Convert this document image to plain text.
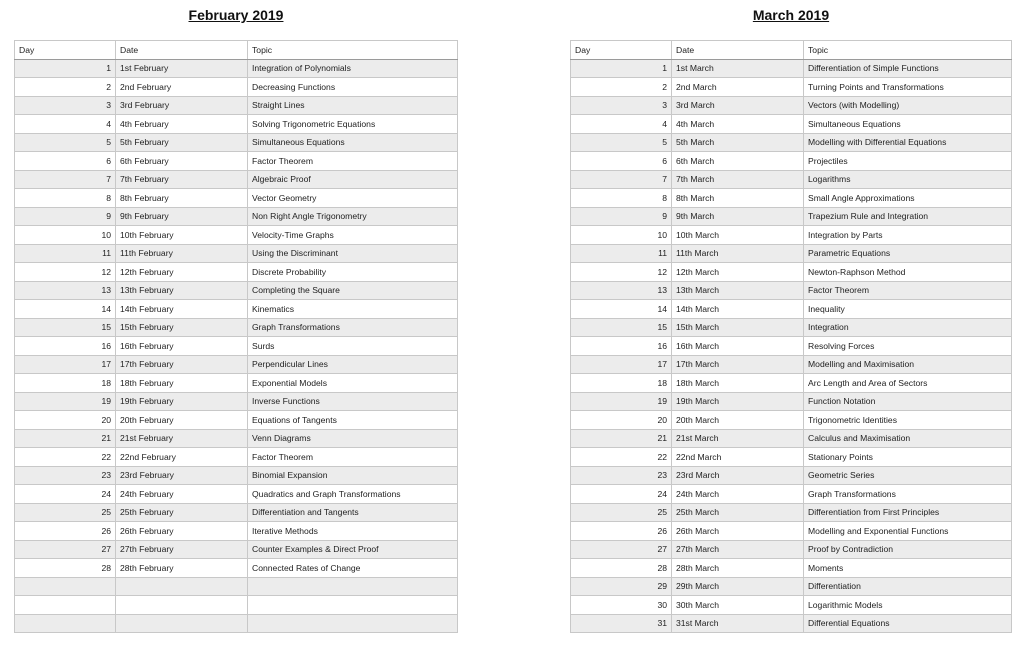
February 2019
Day	Date	Topic
1	1st February	Integration of Polynomials
2	2nd February	Decreasing Functions
3	3rd February	Straight Lines
4	4th February	Solving Trigonometric Equations
5	5th February	Simultaneous Equations
6	6th February	Factor Theorem
7	7th February	Algebraic Proof
8	8th February	Vector Geometry
9	9th February	Non Right Angle Trigonometry
10	10th February	Velocity-Time Graphs
11	11th February	Using the Discriminant
12	12th February	Discrete Probability
13	13th February	Completing the Square
14	14th February	Kinematics
15	15th February	Graph Transformations
16	16th February	Surds
17	17th February	Perpendicular Lines
18	18th February	Exponential Models
19	19th February	Inverse Functions
20	20th February	Equations of Tangents
21	21st February	Venn Diagrams
22	22nd February	Factor Theorem
23	23rd February	Binomial Expansion
24	24th February	Quadratics and Graph Transformations
25	25th February	Differentiation and Tangents
26	26th February	Iterative Methods
27	27th February	Counter Examples & Direct Proof
28	28th February	Connected Rates of Change

March 2019
Day	Date	Topic
1	1st March	Differentiation of Simple Functions
2	2nd March	Turning Points and Transformations
3	3rd March	Vectors (with Modelling)
4	4th March	Simultaneous Equations
5	5th March	Modelling with Differential Equations
6	6th March	Projectiles
7	7th March	Logarithms
8	8th March	Small Angle Approximations
9	9th March	Trapezium Rule and Integration
10	10th March	Integration by Parts
11	11th March	Parametric Equations
12	12th March	Newton-Raphson Method
13	13th March	Factor Theorem
14	14th March	Inequality
15	15th March	Integration
16	16th March	Resolving Forces
17	17th March	Modelling and Maximisation
18	18th March	Arc Length and Area of Sectors
19	19th March	Function Notation
20	20th March	Trigonometric Identities
21	21st March	Calculus and Maximisation
22	22nd March	Stationary Points
23	23rd March	Geometric Series
24	24th March	Graph Transformations
25	25th March	Differentiation from First Principles
26	26th March	Modelling and Exponential Functions
27	27th March	Proof by Contradiction
28	28th March	Moments
29	29th March	Differentiation
30	30th March	Logarithmic Models
31	31st March	Differential Equations
